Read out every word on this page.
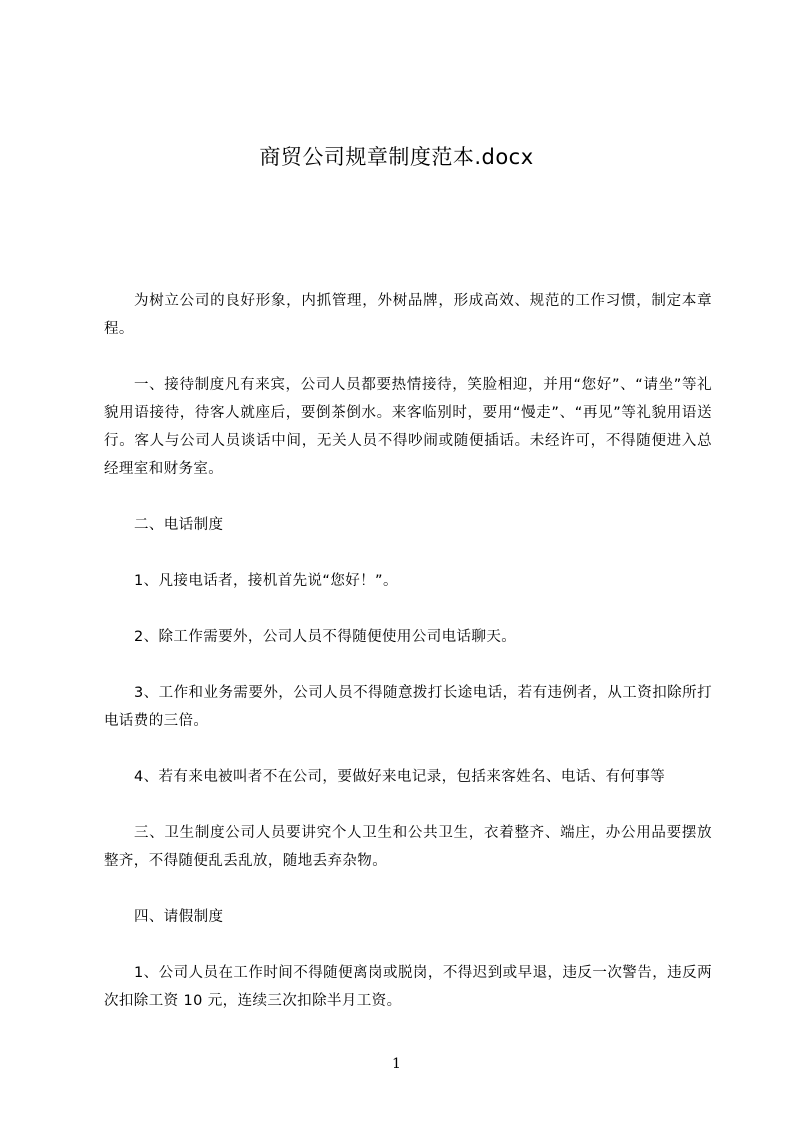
商贸公司规章制度范本.docx

为树立公司的良好形象，内抓管理，外树品牌，形成高效、规范的工作习惯，制定本章程。

一、接待制度凡有来宾，公司人员都要热情接待，笑脸相迎，并用“您好”、“请坐”等礼貌用语接待，待客人就座后，要倒茶倒水。来客临别时，要用“慢走”、“再见”等礼貌用语送行。客人与公司人员谈话中间，无关人员不得吵闹或随便插话。未经许可，不得随便进入总经理室和财务室。

二、电话制度

1、凡接电话者，接机首先说“您好！”。

2、除工作需要外，公司人员不得随便使用公司电话聊天。

3、工作和业务需要外，公司人员不得随意拨打长途电话，若有违例者，从工资扣除所打电话费的三倍。

4、若有来电被叫者不在公司，要做好来电记录，包括来客姓名、电话、有何事等

三、卫生制度公司人员要讲究个人卫生和公共卫生，衣着整齐、端庄，办公用品要摆放整齐，不得随便乱丢乱放，随地丢弃杂物。

四、请假制度

1、公司人员在工作时间不得随便离岗或脱岗，不得迟到或早退，违反一次警告，违反两次扣除工资 10 元，连续三次扣除半月工资。

1
